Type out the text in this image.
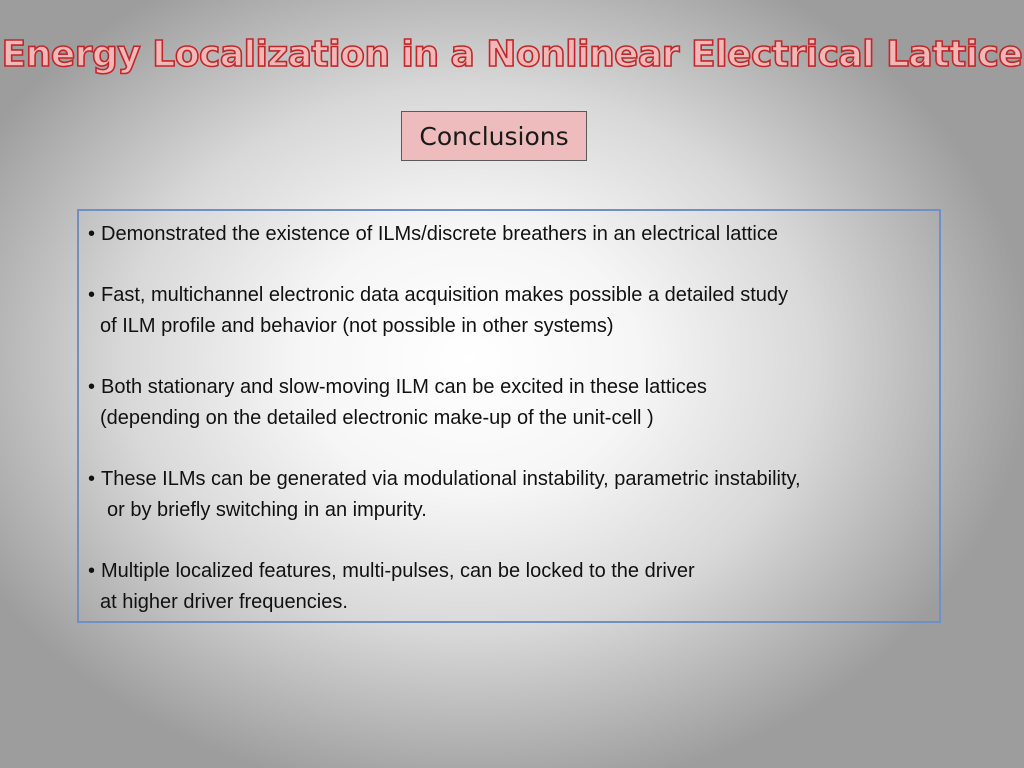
Energy Localization in a Nonlinear Electrical Lattice
Conclusions
• Demonstrated the existence of ILMs/discrete breathers in an electrical lattice
• Fast, multichannel electronic data acquisition makes possible a detailed study
of ILM profile and behavior (not possible in other systems)
• Both stationary and slow-moving ILM can be excited in these lattices
(depending on the detailed electronic make-up of the unit-cell )
• These ILMs can be generated via modulational instability, parametric instability,
or by briefly switching in an impurity.
• Multiple localized features, multi-pulses, can be locked to the driver
at higher driver frequencies.
